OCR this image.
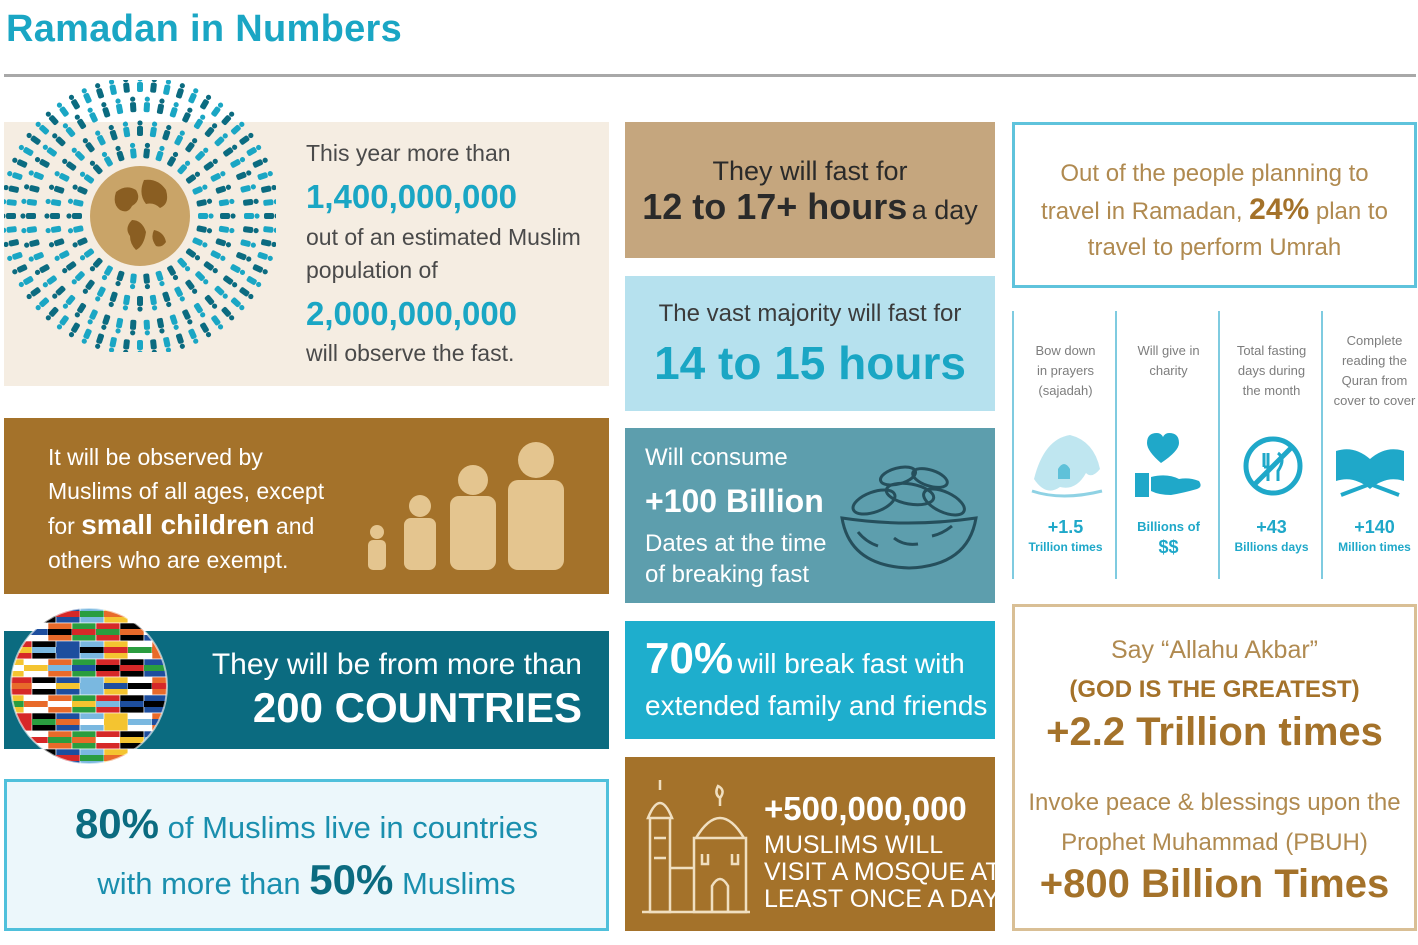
Ramadan in Numbers
This year more than
1,400,000,000
out of an estimated Muslim
population of
2,000,000,000
will observe the fast.
It will be observed by
Muslims of all ages, except
for small children and
others who are exempt.
They will be from more than
200 COUNTRIES
80% of Muslims live in countries
with more than 50% Muslims
They will fast for
12 to 17+ hours a day
The vast majority will fast for
14 to 15 hours
Will consume
+100 Billion
Dates at the time
of breaking fast
70% will break fast with
extended family and friends
+500,000,000
MUSLIMS WILL
VISIT A MOSQUE AT
LEAST ONCE A DAY
Out of the people planning to
travel in Ramadan, 24% plan to
travel to perform Umrah
Bow down
in prayers
(sajadah)
+1.5
Trillion times
Will give in
charity
Billions of
$$
Total fasting
days during
the month
+43
Billions days
Complete
reading the
Quran from
cover to cover
+140
Million times
Say “Allahu Akbar”
(GOD IS THE GREATEST)
+2.2 Trillion times
Invoke peace & blessings upon the
Prophet Muhammad (PBUH)
+800 Billion Times
